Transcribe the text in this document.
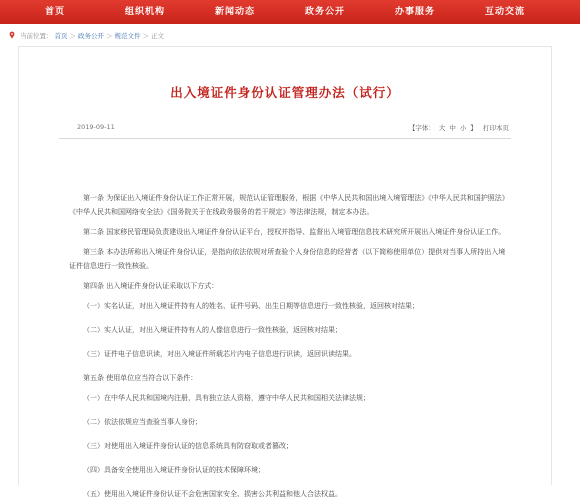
首页	组织机构	新闻动态	政务公开	办事服务	互动交流
当前位置： 首页 ＞ 政务公开 ＞ 规范文件 ＞ 正文
出入境证件身份认证管理办法（试行）
2019-09-11	【字体： 大 中 小 】 打印本页

第一条 为保证出入境证件身份认证工作正常开展，规范认证管理服务，根据《中华人民共和国出境入境管理法》《中华人民共和国护照法》《中华人民共和国网络安全法》《国务院关于在线政务服务的若干规定》等法律法规，制定本办法。

第二条 国家移民管理局负责建设出入境证件身份认证平台，授权并指导、监督出入境管理信息技术研究所开展出入境证件身份认证工作。

第三条 本办法所称出入境证件身份认证，是指向依法依规对所查验个人身份信息的经营者（以下简称使用单位）提供对当事人所持出入境证件信息进行一致性核验。

第四条 出入境证件身份认证采取以下方式：

（一）实名认证，对出入境证件持有人的姓名、证件号码、出生日期等信息进行一致性核验，返回核对结果；

（二）实人认证，对出入境证件持有人的人像信息进行一致性核验，返回核对结果；

（三）证件电子信息识读，对出入境证件所载芯片内电子信息进行识读，返回识读结果。

第五条 使用单位应当符合以下条件：

（一）在中华人民共和国境内注册，具有独立法人资格，遵守中华人民共和国相关法律法规；

（二）依法依规应当查验当事人身份；

（三）对使用出入境证件身份认证的信息系统具有防窃取或者篡改；

（四）具备安全使用出入境证件身份认证的技术保障环境；

（五）使用出入境证件身份认证不会危害国家安全、损害公共利益和他人合法权益。
